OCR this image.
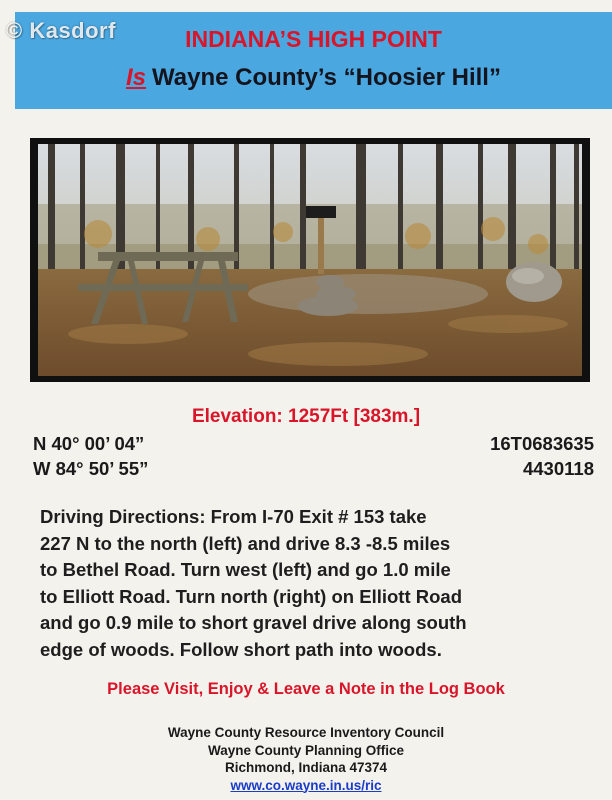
© Kasdorf	INDIANA’S HIGH POINT
Is Wayne County’s “Hoosier Hill”
Elevation: 1257Ft [383m.]
N 40° 00’ 04”
W 84° 50’ 55”
16T0683635
4430118
Driving Directions: From I-70 Exit # 153 take
227 N to the north (left) and drive 8.3 -8.5 miles
to Bethel Road. Turn west (left) and go 1.0 mile
to Elliott Road. Turn north (right) on Elliott Road
and go 0.9 mile to short gravel drive along south
edge of woods. Follow short path into woods.
Please Visit, Enjoy & Leave a Note in the Log Book
Wayne County Resource Inventory Council
Wayne County Planning Office
Richmond, Indiana 47374
www.co.wayne.in.us/ric
